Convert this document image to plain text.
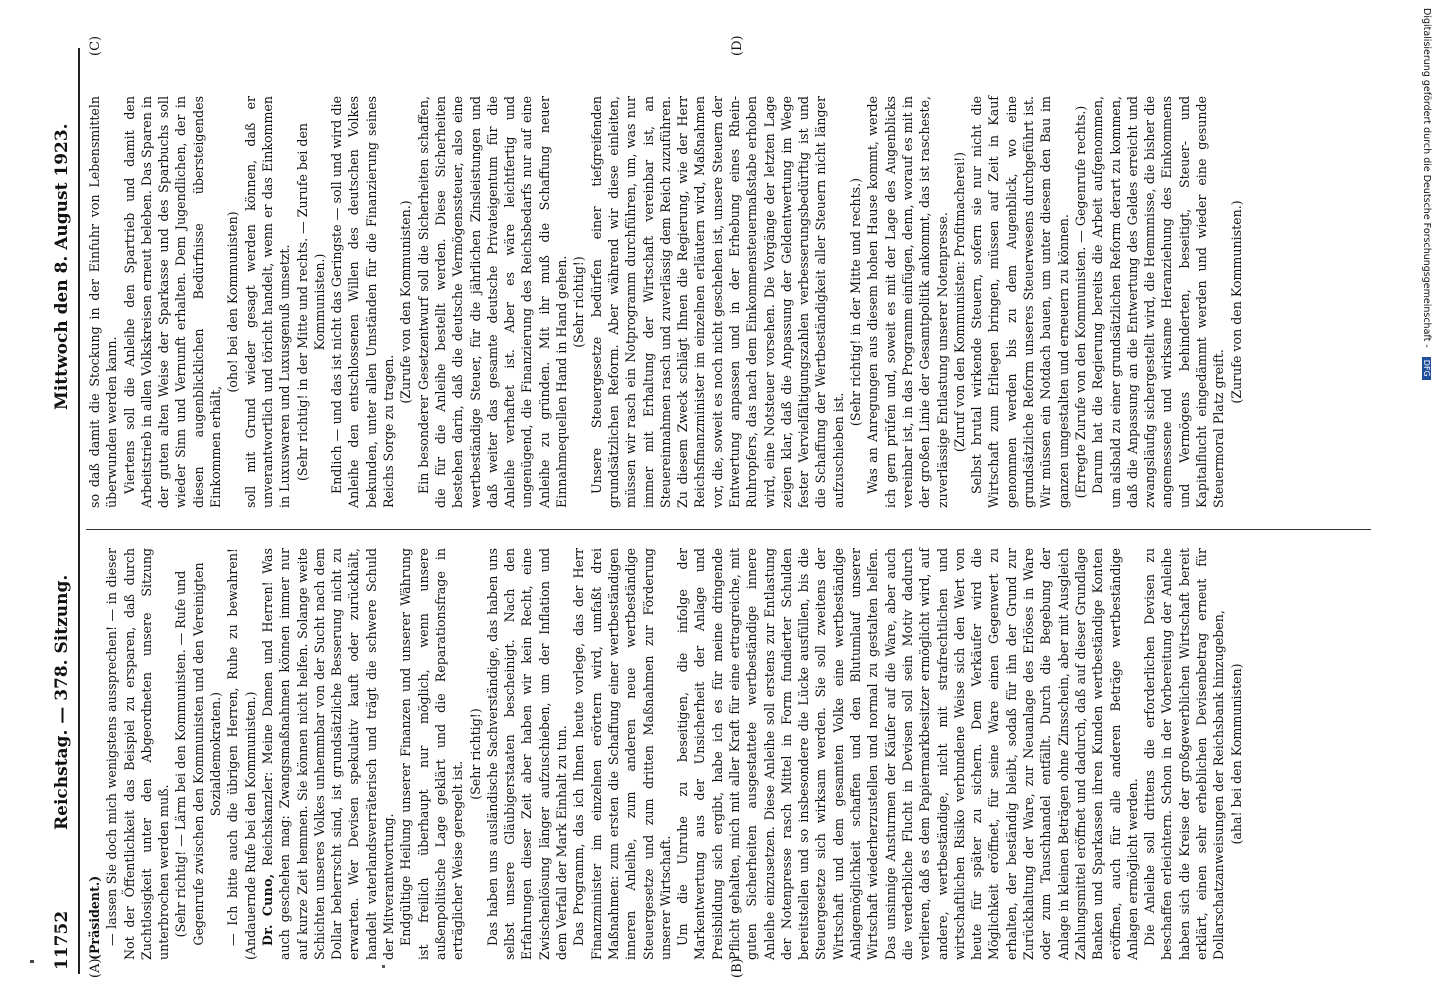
11752
Reichstag. — 378. Sitzung.
Mittwoch den 8. August 1923.
(A)	(B)
(C)	(D)

(Präsident.) — lassen Sie doch mich wenigstens aussprechen! — in dieser Not der Öffentlichkeit das Beispiel zu ersparen, daß durch Zuchtlosigkeit unter den Abgeordneten unsere Sitzung unterbrochen werden muß. (Sehr richtig! — Lärm bei den Kommunisten. — Rufe und Gegenrufe zwischen den Kommunisten und den Vereinigten Sozialdemokraten.) — Ich bitte auch die übrigen Herren, Ruhe zu bewahren! (Andauernde Rufe bei den Kommunisten.) Dr. Cuno, Reichskanzler: Meine Damen und Herren! Was auch geschehen mag: Zwangsmaßnahmen können immer nur auf kurze Zeit hemmen. Sie können nicht helfen. Solange weite Schichten unseres Volkes unhemmbar von der Sucht nach dem Dollar beherrscht sind, ist grundsätzliche Besserung nicht zu erwarten. Wer Devisen spekulativ kauft oder zurückhält, handelt vaterlandsverräterisch und trägt die schwere Schuld der Mitverantwortung. Endgültige Heilung unserer Finanzen und unserer Währung ist freilich überhaupt nur möglich, wenn unsere außenpolitische Lage geklärt und die Reparationsfrage in erträglicher Weise geregelt ist.

(Sehr richtig!) Das haben uns ausländische Sachverständige, das haben uns selbst unsere Gläubigerstaaten bescheinigt. Nach den Erfahrungen dieser Zeit aber haben wir kein Recht, eine Zwischenlösung länger aufzuschieben, um der Inflation und dem Verfall der Mark Einhalt zu tun. Das Programm, das ich Ihnen heute vorlege, das der Herr Finanzminister im einzelnen erörtern wird, umfaßt drei Maßnahmen: zum ersten die Schaffung einer wertbeständigen inneren Anleihe, zum anderen neue wertbeständige Steuergesetze und zum dritten Maßnahmen zur Förderung unserer Wirtschaft. Um die Unruhe zu beseitigen, die infolge der Markentwertung aus der Unsicherheit der Anlage und Preisbildung sich ergibt, habe ich es für meine dringende Pflicht gehalten, mich mit aller Kraft für eine ertragreiche, mit guten Sicherheiten ausgestattete wertbeständige innere Anleihe einzusetzen. Diese Anleihe soll erstens zur Entlastung der Notenpresse rasch Mittel in Form fundierter Schulden bereitstellen und so insbesondere die Lücke ausfüllen, bis die Steuergesetze sich wirksam werden. Sie soll zweitens der Wirtschaft und dem gesamten Volke eine wertbeständige Anlagemöglichkeit schaffen und den Blutumlauf unserer Wirtschaft wiederherzustellen und normal zu gestalten helfen. Das unsinnige Ansturmen der Käufer auf die Ware, aber auch die verderbliche Flucht in Devisen soll sein Motiv dadurch verlieren, daß es dem Papiermarkbesitzer ermöglicht wird, auf andere, wertbeständige, nicht mit strafrechtlichen und wirtschaftlichen Risiko verbundene Weise sich den Wert von heute für später zu sichern. Dem Verkäufer wird die Möglichkeit eröffnet, für seine Ware einen Gegenwert zu erhalten, der beständig bleibt, sodaß für ihn der Grund zur Zurückhaltung der Ware, zur Neuanlage des Erlöses in Ware oder zum Tauschhandel entfällt. Durch die Begebung der Anlage in kleinen Beträgen ohne Zinsschein, aber mit Ausgleich Zahlungsmittel eröffnet und dadurch, daß auf dieser Grundlage Banken und Sparkassen ihren Kunden wertbeständige Konten eröffnen, auch für alle anderen Beträge wertbeständige Anlagen ermöglicht werden. Die Anleihe soll drittens die erforderlichen Devisen zu beschaffen erleichtern. Schon in der Vorbereitung der Anleihe haben sich die Kreise der großgewerblichen Wirtschaft bereit erklärt, einen sehr erheblichen Devisenbetrag erneut für Dollarschatzanweisungen der Reichsbank hinzugeben, (aha! bei den Kommunisten)

so daß damit die Stockung in der Einfuhr von Lebensmitteln überwunden werden kann. Viertens soll die Anleihe den Spartrieb und damit den Arbeitstrieb in allen Volkskreisen erneut beleben. Das Sparen in der guten alten Weise der Sparkasse und des Sparbuchs soll wieder Sinn und Vernunft erhalten. Dem Jugendlichen, der in diesen augenblicklichen Bedürfnisse übersteigendes Einkommen erhält,

(oho! bei den Kommunisten) soll mit Grund wieder gesagt werden können, daß er unverantwortlich und töricht handelt, wenn er das Einkommen in Luxuswaren und Luxusgenuß umsetzt. (Sehr richtig! in der Mitte und rechts. — Zurufe bei den Kommunisten.) Endlich — und das ist nicht das Geringste — soll und wird die Anleihe den entschlossenen Willen des deutschen Volkes bekunden, unter allen Umständen für die Finanzierung seines Reichs Sorge zu tragen.

(Zurufe von den Kommunisten.) Ein besonderer Gesetzentwurf soll die Sicherheiten schaffen, die für die Anleihe bestellt werden. Diese Sicherheiten bestehen darin, daß die deutsche Vermögenssteuer, also eine wertbeständige Steuer, für die jährlichen Zinsleistungen und daß weiter das gesamte deutsche Privateigentum für die Anleihe verhaftet ist. Aber es wäre leichtfertig und ungenügend, die Finanzierung des Reichsbedarfs nur auf eine Anleihe zu gründen. Mit ihr muß die Schaffung neuer Einnahmequellen Hand in Hand gehen. (Sehr richtig!) Unsere Steuergesetze bedürfen einer tiefgreifenden grundsätzlichen Reform. Aber während wir diese einleiten, müssen wir rasch ein Notprogramm durchführen, um, was nur immer mit Erhaltung der Wirtschaft vereinbar ist, an Steuereinnahmen rasch und zuverlässig dem Reich zuzuführen. Zu diesem Zweck schlägt Ihnen die Regierung, wie der Herr Reichsfinanzminister im einzelnen erläutern wird, Maßnahmen vor, die, soweit es noch nicht geschehen ist, unsere Steuern der Entwertung anpassen und in der Erhebung eines Rhein-Ruhropfers, das nach dem Einkommensteuermaßstabe erhoben wird, eine Notsteuer vorsehen. Die Vorgänge der letzten Lage zeigen klar, daß die Anpassung der Geldentwertung im Wege fester Vervielfältigungszahlen verbesserungsbedürftig ist und die Schaffung der Wertbeständigkeit aller Steuern nicht länger aufzuschieben ist.

(Sehr richtig! in der Mitte und rechts.) Was an Anregungen aus diesem hohen Hause kommt, werde ich gern prüfen und, soweit es mit der Lage des Augenblicks vereinbar ist, in das Programm einfügen, denn, worauf es mit in der großen Linie der Gesamtpolitik ankommt, das ist rascheste, zuverlässige Entlastung unserer Notenpresse. (Zuruf von den Kommunisten: Profitmacherei!) Selbst brutal wirkende Steuern, sofern sie nur nicht die Wirtschaft zum Erliegen bringen, müssen auf Zeit in Kauf genommen werden bis zu dem Augenblick, wo eine grundsätzliche Reform unseres Steuerwesens durchgeführt ist. Wir müssen ein Notdach bauen, um unter diesem den Bau im ganzen umgestalten und erneuern zu können. (Erregte Zurufe von den Kommunisten. — Gegenrufe rechts.) Darum hat die Regierung bereits die Arbeit aufgenommen, um alsbald zu einer grundsätzlichen Reform derart zu kommen, daß die Anpassung an die Entwertung des Geldes erreicht und zwangsläufig sichergestellt wird, die Hemmnisse, die bisher die angemessene und wirksame Heranziehung des Einkommens und Vermögens behinderten, beseitigt, Steuer- und Kapitalflucht eingedämmt werden und wieder eine gesunde Steuermoral Platz greift.

(Zurufe von den Kommunisten.)	Digitalisierung gefördert durch die Deutsche Forschungsgemeinschaft - DFG
